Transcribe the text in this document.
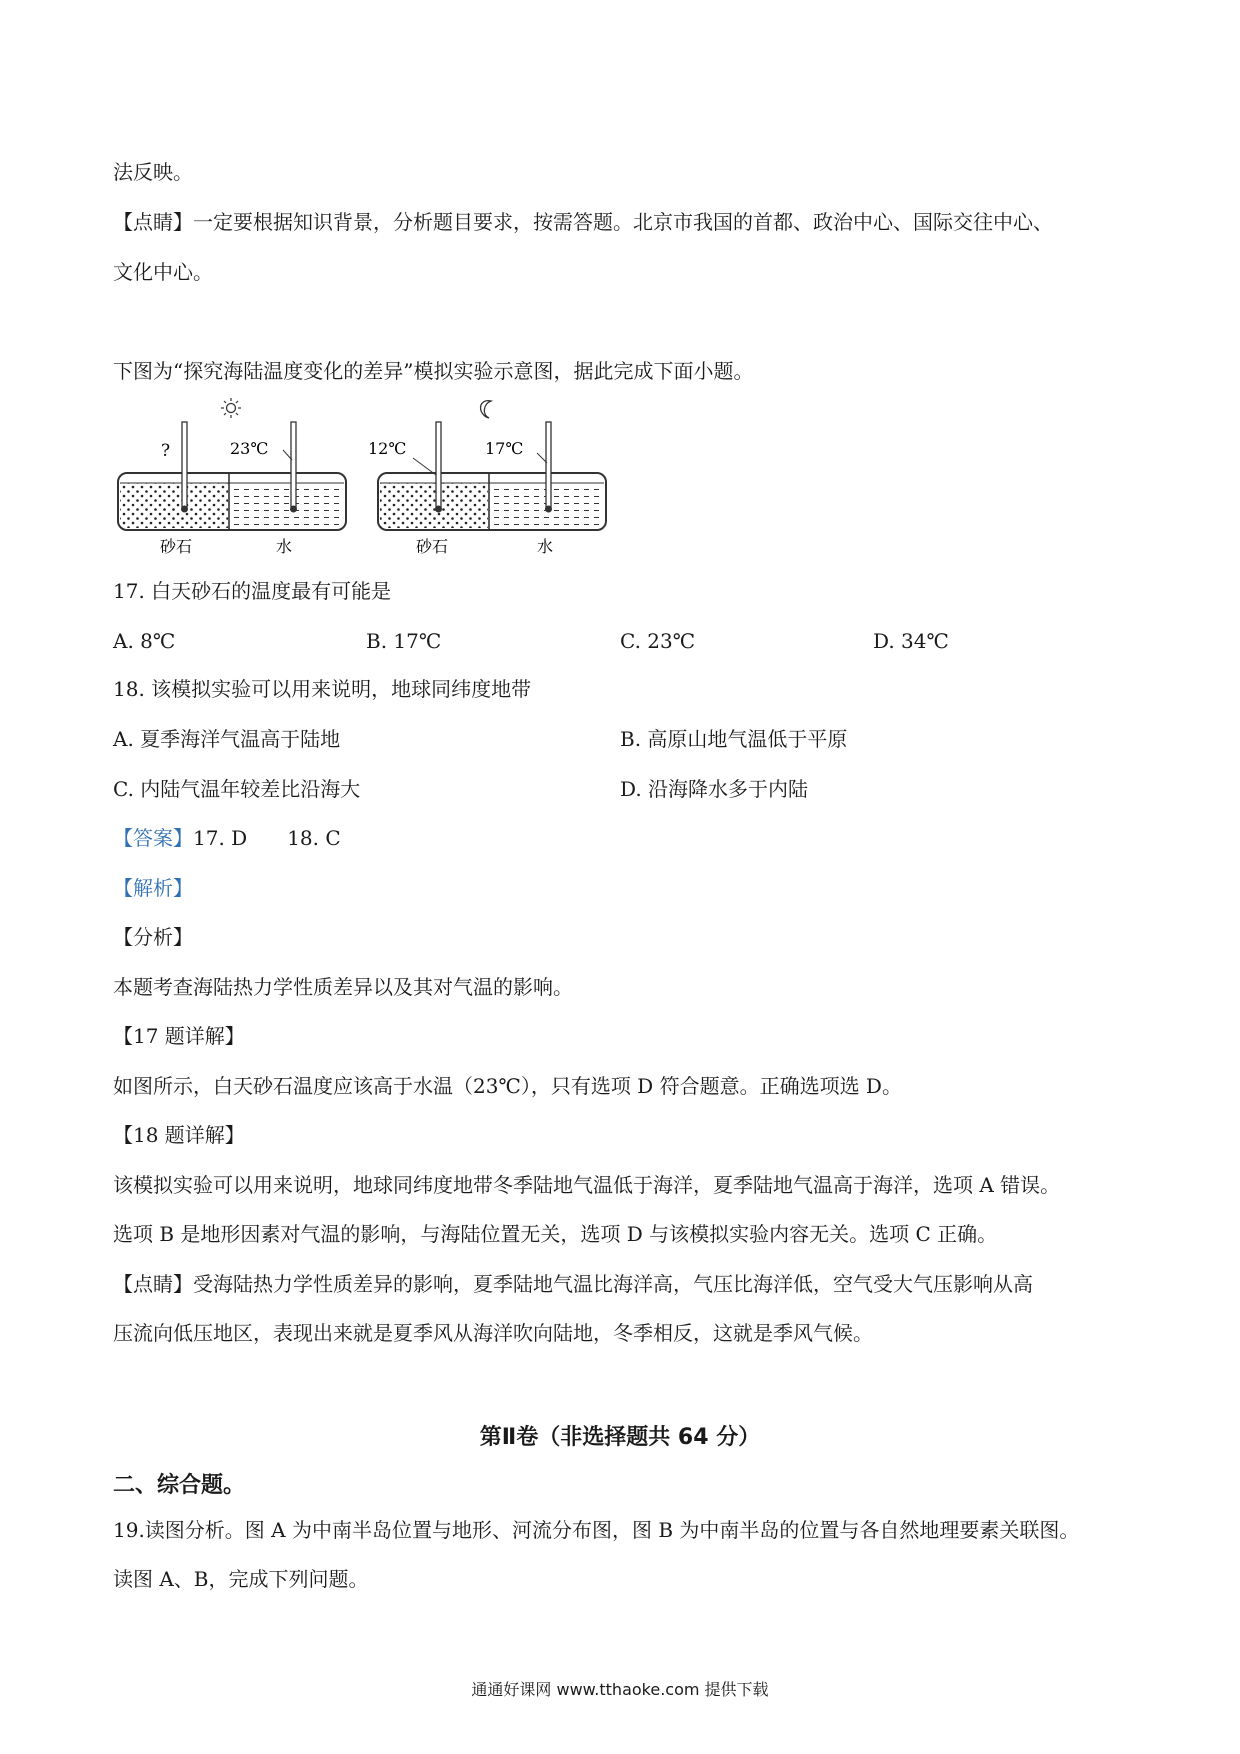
法反映。
【点睛】一定要根据知识背景，分析题目要求，按需答题。北京市我国的首都、政治中心、国际交往中心、
文化中心。
下图为“探究海陆温度变化的差异”模拟实验示意图，据此完成下面小题。
?	23℃
砂石	水
12℃	17℃
砂石	水
17. 白天砂石的温度最有可能是
A. 8℃	B. 17℃	C. 23℃	D. 34℃
18. 该模拟实验可以用来说明，地球同纬度地带
A. 夏季海洋气温高于陆地	B. 高原山地气温低于平原
C. 内陆气温年较差比沿海大	D. 沿海降水多于内陆
【答案】17. D 18. C
【解析】
【分析】
本题考查海陆热力学性质差异以及其对气温的影响。
【17 题详解】
如图所示，白天砂石温度应该高于水温（23℃），只有选项 D 符合题意。正确选项选 D。
【18 题详解】
该模拟实验可以用来说明，地球同纬度地带冬季陆地气温低于海洋，夏季陆地气温高于海洋，选项 A 错误。
选项 B 是地形因素对气温的影响，与海陆位置无关，选项 D 与该模拟实验内容无关。选项 C 正确。
【点睛】受海陆热力学性质差异的影响，夏季陆地气温比海洋高，气压比海洋低，空气受大气压影响从高
压流向低压地区，表现出来就是夏季风从海洋吹向陆地，冬季相反，这就是季风气候。
第Ⅱ卷（非选择题共 64 分）
二、综合题。
19.读图分析。图 A 为中南半岛位置与地形、河流分布图，图 B 为中南半岛的位置与各自然地理要素关联图。
读图 A、B，完成下列问题。
通通好课网 www.tthaoke.com 提供下载
